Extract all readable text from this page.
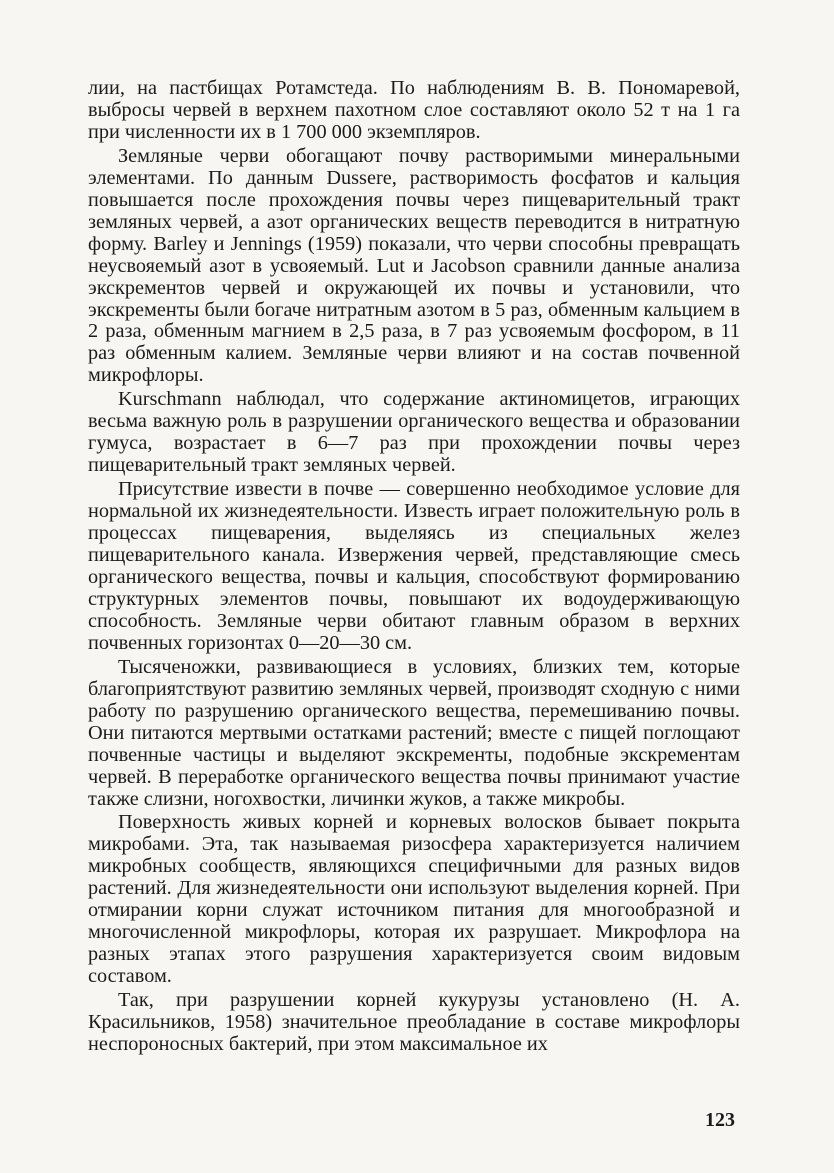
лии, на пастбищах Ротамстеда. По наблюдениям В. В. Пономаревой, выбросы червей в верхнем пахотном слое составляют около 52 т на 1 га при численности их в 1 700 000 экземпляров.

Земляные черви обогащают почву растворимыми минеральными элементами. По данным Dussere, растворимость фосфатов и кальция повышается после прохождения почвы через пищеварительный тракт земляных червей, а азот органических веществ переводится в нитратную форму. Barley и Jennings (1959) показали, что черви способны превращать неусвояемый азот в усвояемый. Lut и Jacobson сравнили данные анализа экскрементов червей и окружающей их почвы и установили, что экскременты были богаче нитратным азотом в 5 раз, обменным кальцием в 2 раза, обменным магнием в 2,5 раза, в 7 раз усвояемым фосфором, в 11 раз обменным калием. Земляные черви влияют и на состав почвенной микрофлоры.

Kurschmann наблюдал, что содержание актиномицетов, играющих весьма важную роль в разрушении органического вещества и образовании гумуса, возрастает в 6—7 раз при прохождении почвы через пищеварительный тракт земляных червей.

Присутствие извести в почве — совершенно необходимое условие для нормальной их жизнедеятельности. Известь играет положительную роль в процессах пищеварения, выделяясь из специальных желез пищеварительного канала. Извержения червей, представляющие смесь органического вещества, почвы и кальция, способствуют формированию структурных элементов почвы, повышают их водоудерживающую способность. Земляные черви обитают главным образом в верхних почвенных горизонтах 0—20—30 см.

Тысяченожки, развивающиеся в условиях, близких тем, которые благоприятствуют развитию земляных червей, производят сходную с ними работу по разрушению органического вещества, перемешиванию почвы. Они питаются мертвыми остатками растений; вместе с пищей поглощают почвенные частицы и выделяют экскременты, подобные экскрементам червей. В переработке органического вещества почвы принимают участие также слизни, ногохвостки, личинки жуков, а также микробы.

Поверхность живых корней и корневых волосков бывает покрыта микробами. Эта, так называемая ризосфера характеризуется наличием микробных сообществ, являющихся специфичными для разных видов растений. Для жизнедеятельности они используют выделения корней. При отмирании корни служат источником питания для многообразной и многочисленной микрофлоры, которая их разрушает. Микрофлора на разных этапах этого разрушения характеризуется своим видовым составом.

Так, при разрушении корней кукурузы установлено (Н. А. Красильников, 1958) значительное преобладание в составе микрофлоры неспороносных бактерий, при этом максимальное их

123
